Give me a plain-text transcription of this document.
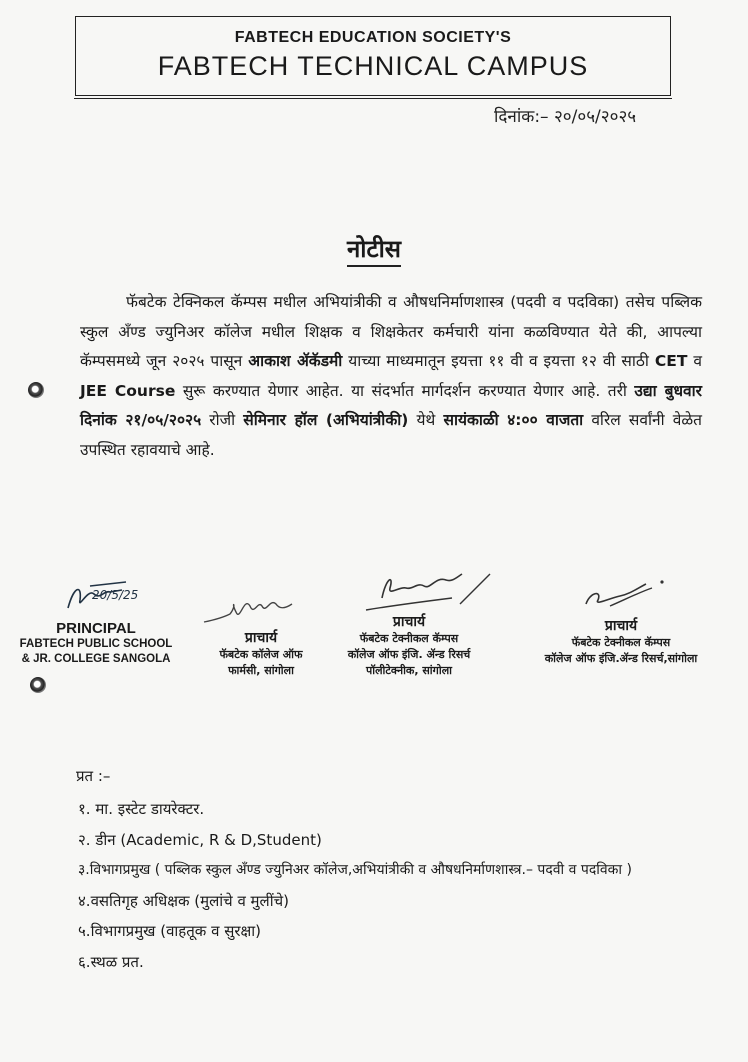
FABTECH EDUCATION SOCIETY'S
FABTECH TECHNICAL CAMPUS
दिनांक:– २०/०५/२०२५
नोटीस
फॅबटेक टेक्निकल कॅम्पस मधील अभियांत्रीकी व औषधनिर्माणशास्त्र (पदवी व पदविका) तसेच पब्लिक स्कुल अँण्ड ज्युनिअर कॉलेज मधील शिक्षक व शिक्षकेतर कर्मचारी यांना कळविण्यात येते की, आपल्या कॅम्पसमध्ये जून २०२५ पासून आकाश ॲकॅडमी याच्या माध्यमातून इयत्ता ११ वी व इयत्ता १२ वी साठी CET व JEE Course सुरू करण्यात येणार आहेत. या संदर्भात मार्गदर्शन करण्यात येणार आहे. तरी उद्या बुधवार दिनांक २१/०५/२०२५ रोजी सेमिनार हॉल (अभियांत्रीकी) येथे सायंकाळी ४:०० वाजता वरिल सर्वांनी वेळेत उपस्थित रहावयाचे आहे.
20/5/25
PRINCIPAL
FABTECH PUBLIC SCHOOL
& JR. COLLEGE SANGOLA
प्राचार्य
फॅबटेक कॉलेज ऑफ
फार्मसी, सांगोला
प्राचार्य
फॅबटेक टेक्नीकल कॅम्पस
कॉलेज ऑफ इंजि. ॲन्ड रिसर्च
पॉलीटेक्नीक, सांगोला
प्राचार्य
फॅबटेक टेक्नीकल कॅम्पस
कॉलेज ऑफ इंजि.ॲन्ड रिसर्च,सांगोला
प्रत :–
१. मा. इस्टेट डायरेक्टर.
२. डीन (Academic, R & D,Student)
३.विभागप्रमुख ( पब्लिक स्कुल अँण्ड ज्युनिअर कॉलेज,अभियांत्रीकी व औषधनिर्माणशास्त्र.– पदवी व पदविका )
४.वसतिगृह अधिक्षक (मुलांचे व मुलींचे)
५.विभागप्रमुख (वाहतूक व सुरक्षा)
६.स्थळ प्रत.
